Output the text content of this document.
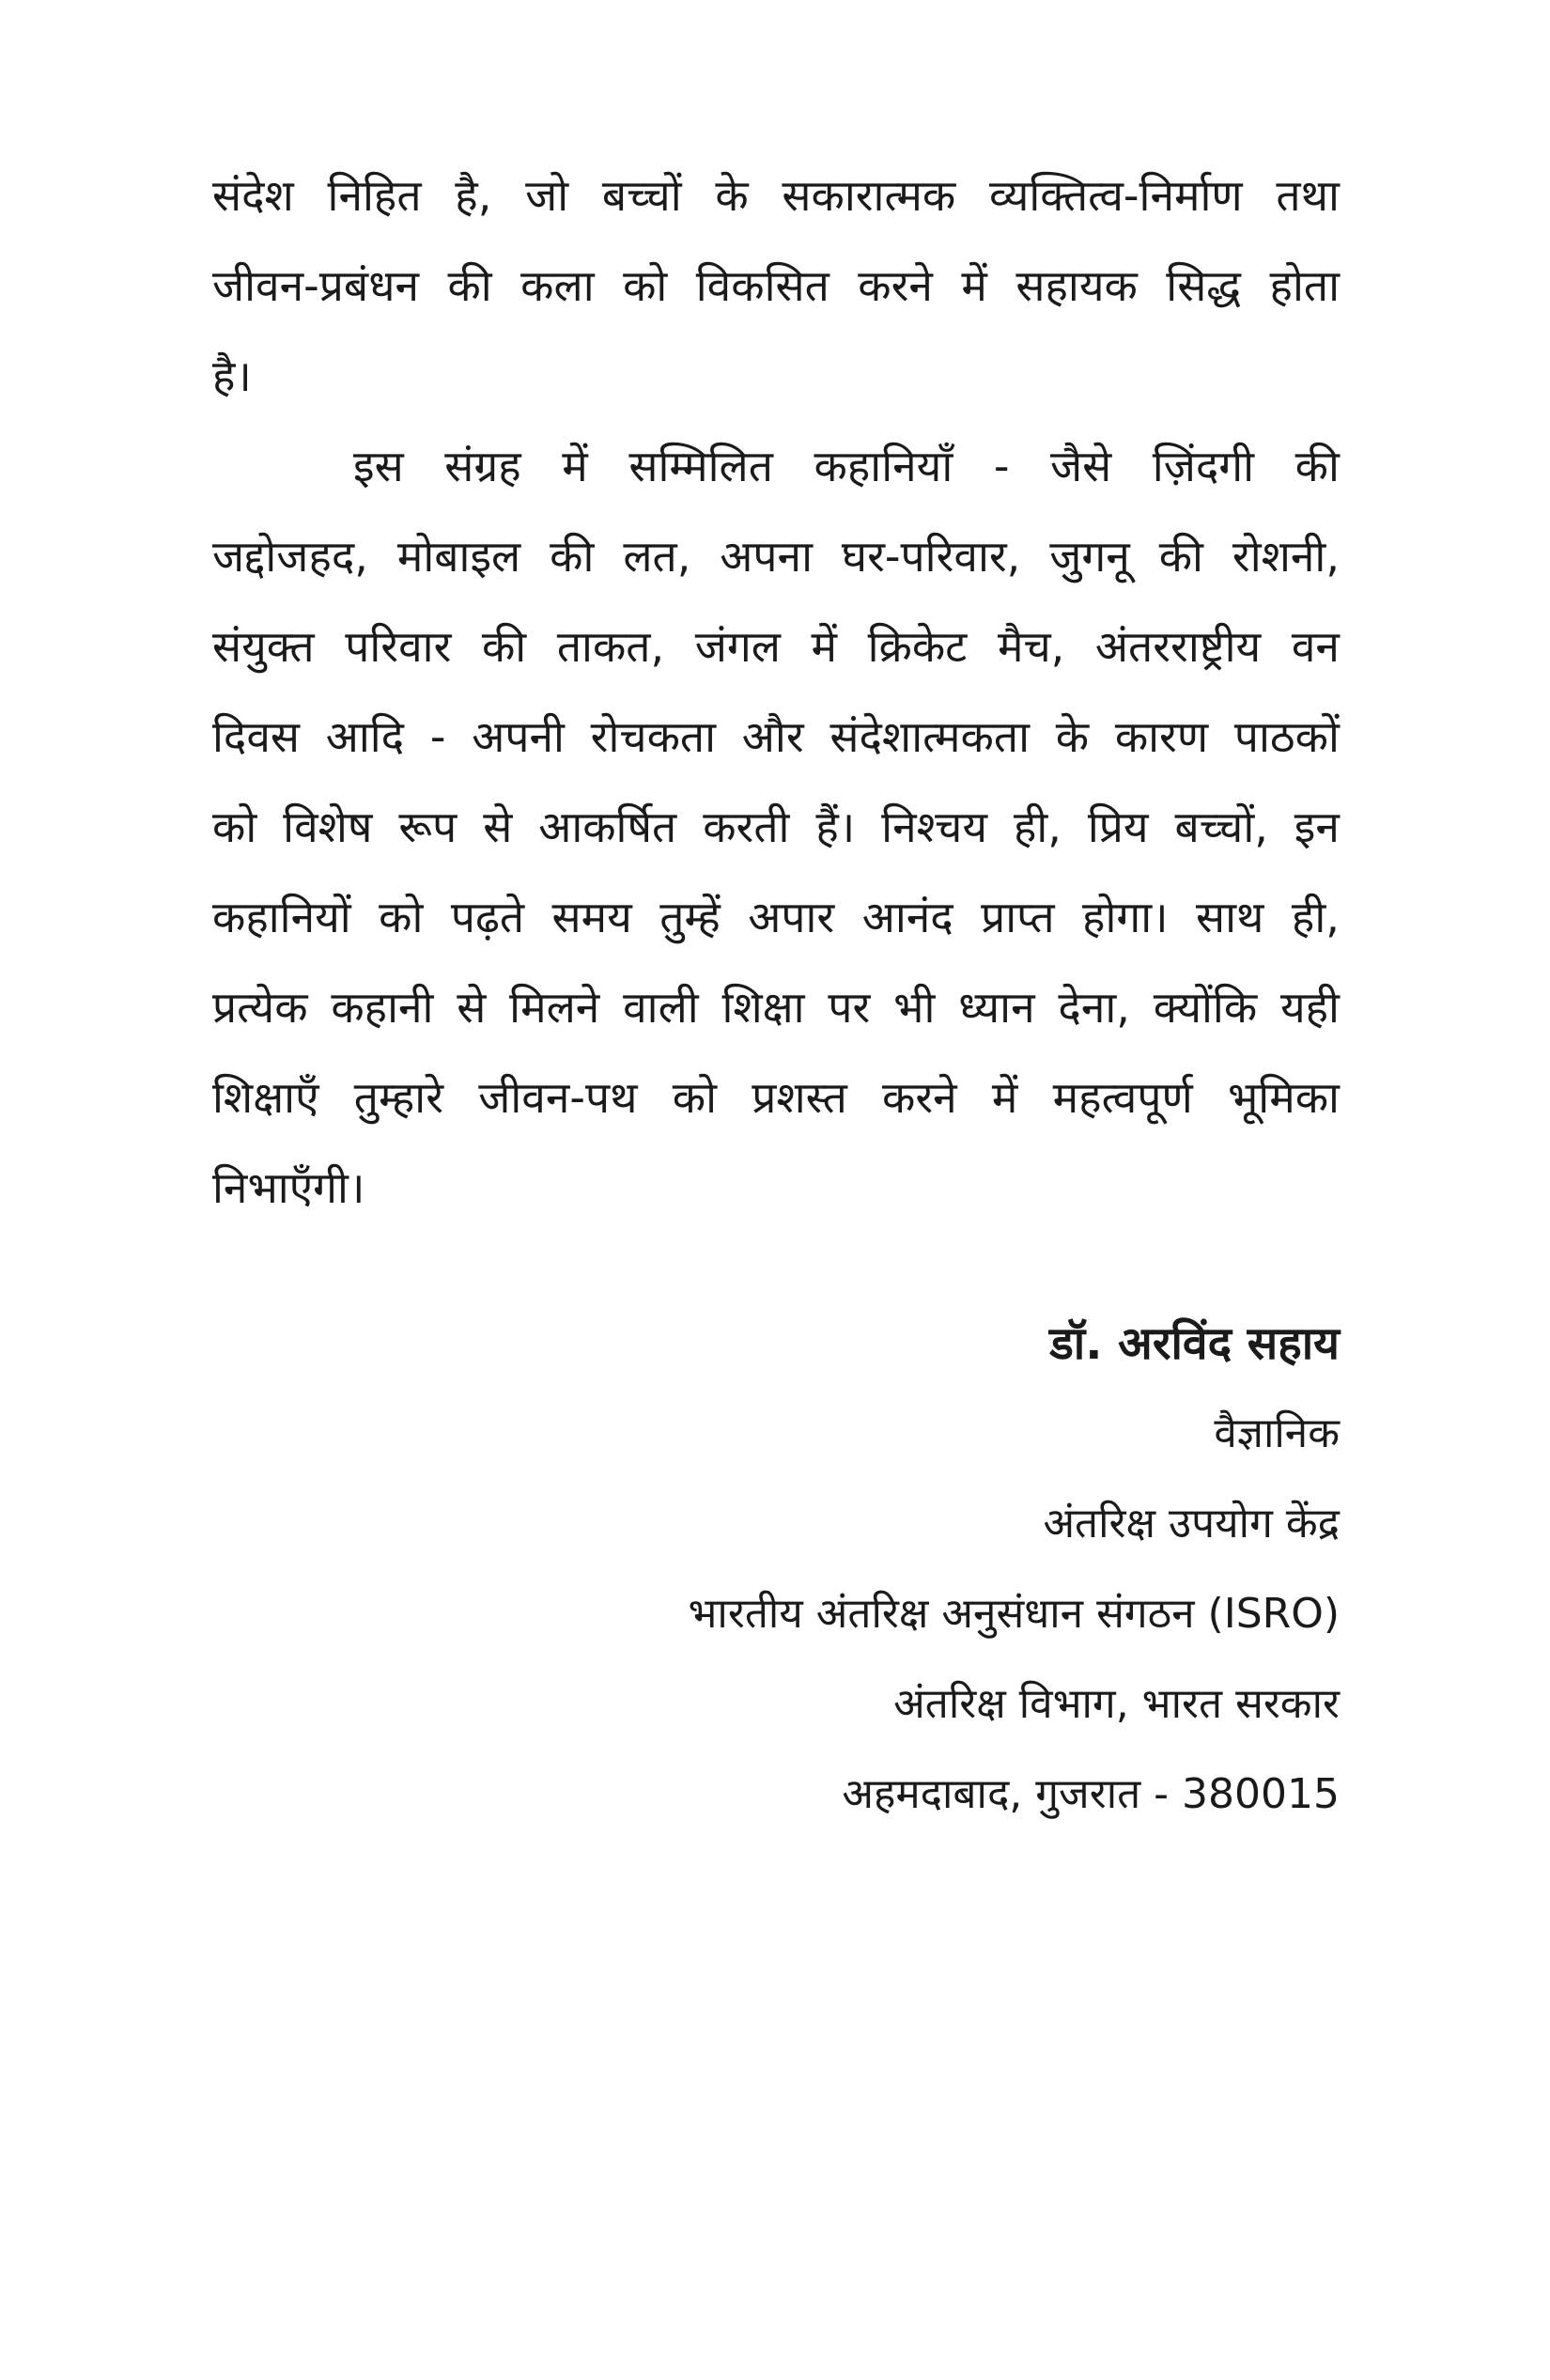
संदेश निहित है, जो बच्चों के सकारात्मक व्यक्तित्व-निर्माण तथा
जीवन-प्रबंधन की कला को विकसित करने में सहायक सिद्ध होता
है।
इस संग्रह में सम्मिलित कहानियाँ - जैसे ज़िंदगी की
जद्दोजहद, मोबाइल की लत, अपना घर-परिवार, जुगनू की रोशनी,
संयुक्त परिवार की ताकत, जंगल में क्रिकेट मैच, अंतरराष्ट्रीय वन
दिवस आदि - अपनी रोचकता और संदेशात्मकता के कारण पाठकों
को विशेष रूप से आकर्षित करती हैं। निश्चय ही, प्रिय बच्चों, इन
कहानियों को पढ़ते समय तुम्हें अपार आनंद प्राप्त होगा। साथ ही,
प्रत्येक कहानी से मिलने वाली शिक्षा पर भी ध्यान देना, क्योंकि यही
शिक्षाएँ तुम्हारे जीवन-पथ को प्रशस्त करने में महत्वपूर्ण भूमिका
निभाएँगी।
डॉ. अरविंद सहाय
वैज्ञानिक
अंतरिक्ष उपयोग केंद्र
भारतीय अंतरिक्ष अनुसंधान संगठन (ISRO)
अंतरिक्ष विभाग, भारत सरकार
अहमदाबाद, गुजरात - 380015
